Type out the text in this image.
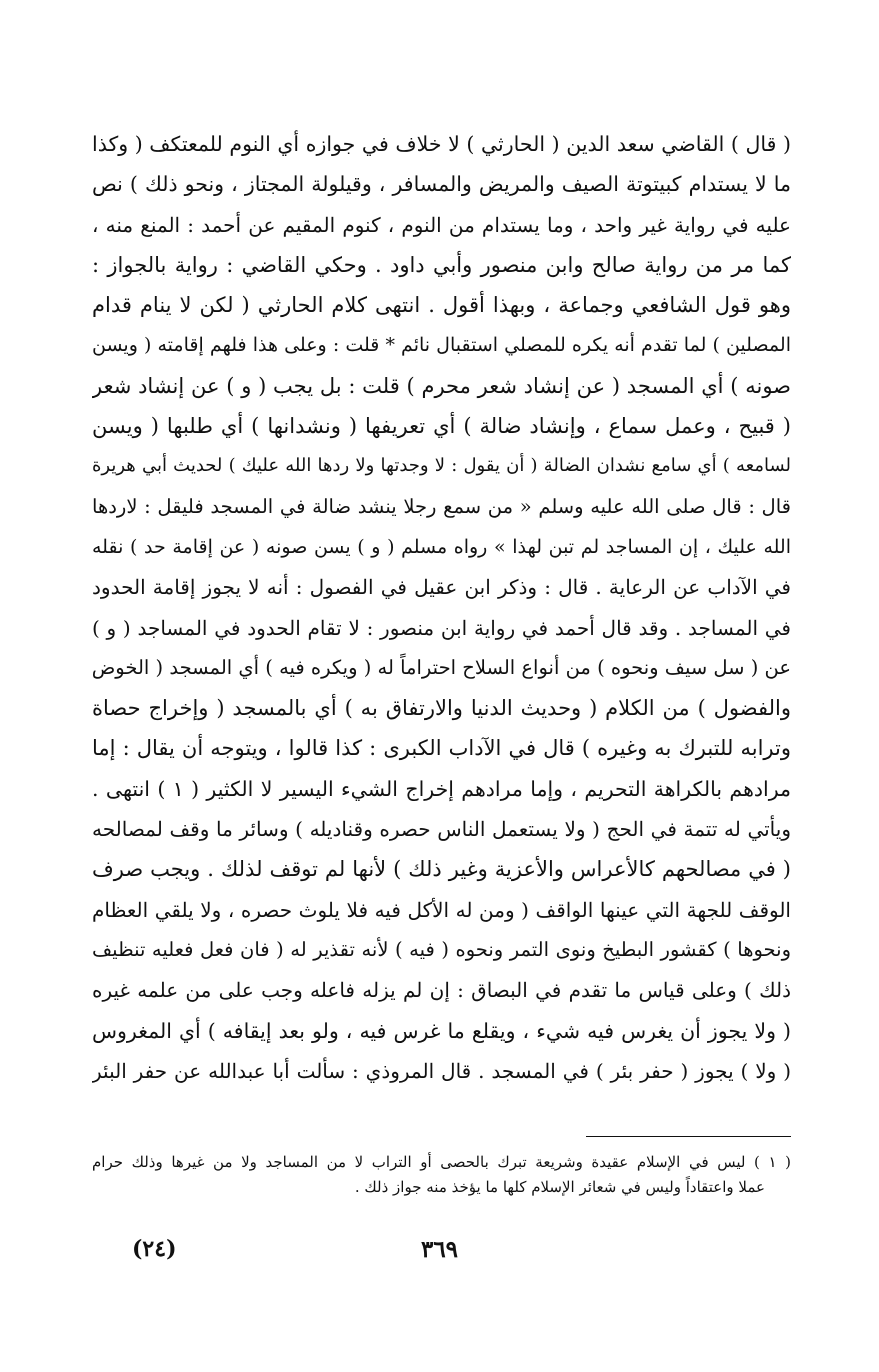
( قال ) القاضي سعد الدين ( الحارثي ) لا خلاف في جوازه أي النوم للمعتكف ( وكذا
ما لا يستدام كبيتوتة الصيف والمريض والمسافر ، وقيلولة المجتاز ، ونحو ذلك ) نص
عليه في رواية غير واحد ، وما يستدام من النوم ، كنوم المقيم عن أحمد : المنع منه ،
كما مر من رواية صالح وابن منصور وأبي داود . وحكي القاضي : رواية بالجواز :
وهو قول الشافعي وجماعة ، وبهذا أقول . انتهى كلام الحارثي ( لكن لا ينام قدام
المصلين ) لما تقدم أنه يكره للمصلي استقبال نائم * قلت : وعلى هذا فلهم إقامته ( ويسن
صونه ) أي المسجد ( عن إنشاد شعر محرم ) قلت : بل يجب ( و ) عن إنشاد شعر
( قبيح ، وعمل سماع ، وإنشاد ضالة ) أي تعريفها ( ونشدانها ) أي طلبها ( ويسن
لسامعه ) أي سامع نشدان الضالة ( أن يقول : لا وجدتها ولا ردها الله عليك ) لحديث أبي هريرة
قال : قال صلى الله عليه وسلم « من سمع رجلا ينشد ضالة في المسجد فليقل : لاردها
الله عليك ، إن المساجد لم تبن لهذا » رواه مسلم ( و ) يسن صونه ( عن إقامة حد ) نقله
في الآداب عن الرعاية . قال : وذكر ابن عقيل في الفصول : أنه لا يجوز إقامة الحدود
في المساجد . وقد قال أحمد في رواية ابن منصور : لا تقام الحدود في المساجد ( و )
عن ( سل سيف ونحوه ) من أنواع السلاح احتراماً له ( ويكره فيه ) أي المسجد ( الخوض
والفضول ) من الكلام ( وحديث الدنيا والارتفاق به ) أي بالمسجد ( وإخراج حصاة
وترابه للتبرك به وغيره ) قال في الآداب الكبرى : كذا قالوا ، ويتوجه أن يقال : إما
مرادهم بالكراهة التحريم ، وإما مرادهم إخراج الشيء اليسير لا الكثير ( ١ ) انتهى .
ويأتي له تتمة في الحج ( ولا يستعمل الناس حصره وقناديله ) وسائر ما وقف لمصالحه
( في مصالحهم كالأعراس والأعزية وغير ذلك ) لأنها لم توقف لذلك . ويجب صرف
الوقف للجهة التي عينها الواقف ( ومن له الأكل فيه فلا يلوث حصره ، ولا يلقي العظام
ونحوها ) كقشور البطيخ ونوى التمر ونحوه ( فيه ) لأنه تقذير له ( فان فعل فعليه تنظيف
ذلك ) وعلى قياس ما تقدم في البصاق : إن لم يزله فاعله وجب على من علمه غيره
( ولا يجوز أن يغرس فيه شيء ، ويقلع ما غرس فيه ، ولو بعد إيقافه ) أي المغروس
( ولا ) يجوز ( حفر بئر ) في المسجد . قال المروذي : سألت أبا عبدالله عن حفر البئر
( ١ ) ليس في الإسلام عقيدة وشريعة تبرك بالحصى أو التراب لا من المساجد ولا من غيرها وذلك حرام
عملا واعتقاداً وليس في شعائر الإسلام كلها ما يؤخذ منه جواز ذلك .
٣٦٩
(٢٤)
